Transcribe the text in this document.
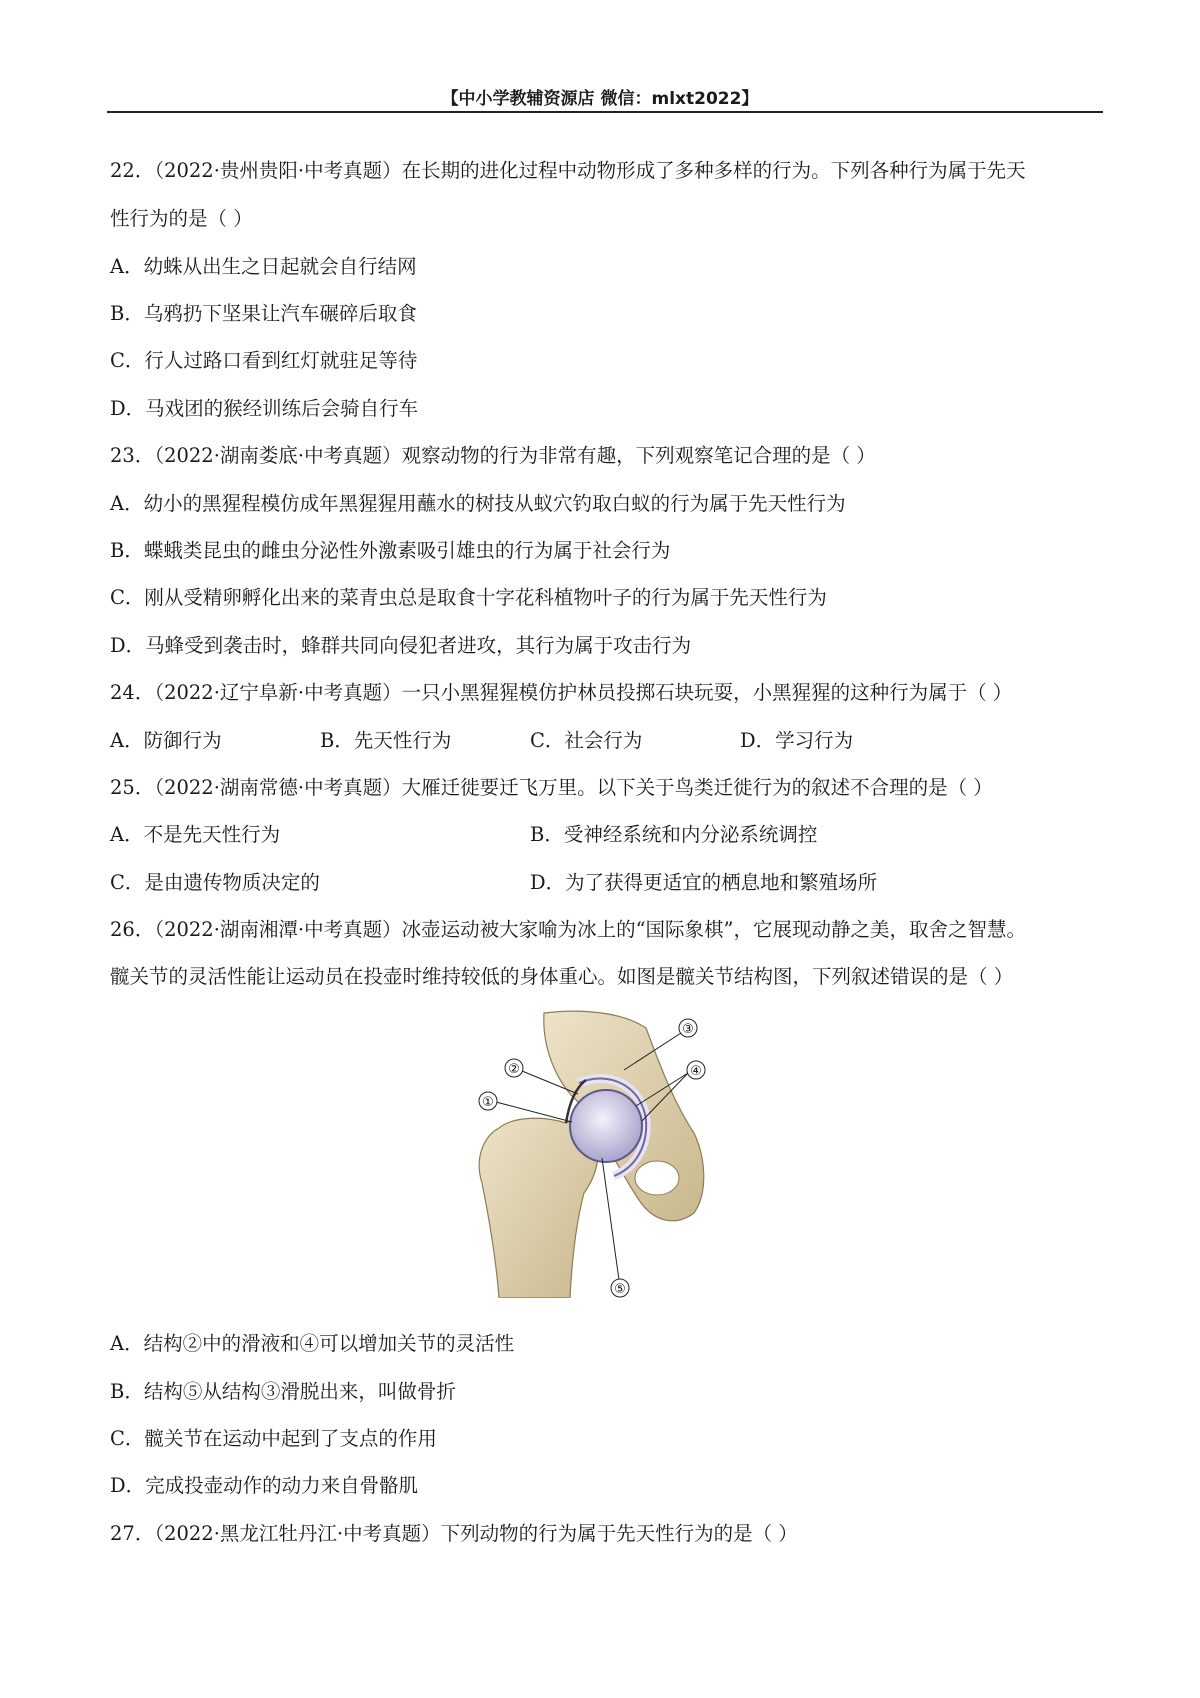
【中小学教辅资源店 微信：mlxt2022】
22．（2022·贵州贵阳·中考真题）在长期的进化过程中动物形成了多种多样的行为。下列各种行为属于先天
性行为的是（ ）
A．幼蛛从出生之日起就会自行结网
B．乌鸦扔下坚果让汽车碾碎后取食
C．行人过路口看到红灯就驻足等待
D．马戏团的猴经训练后会骑自行车
23．（2022·湖南娄底·中考真题）观察动物的行为非常有趣，下列观察笔记合理的是（ ）
A．幼小的黑猩程模仿成年黑猩猩用蘸水的树技从蚁穴钓取白蚁的行为属于先天性行为
B．蝶蛾类昆虫的雌虫分泌性外激素吸引雄虫的行为属于社会行为
C．刚从受精卵孵化出来的菜青虫总是取食十字花科植物叶子的行为属于先天性行为
D．马蜂受到袭击时，蜂群共同向侵犯者进攻，其行为属于攻击行为
24．（2022·辽宁阜新·中考真题）一只小黑猩猩模仿护林员投掷石块玩耍，小黑猩猩的这种行为属于（ ）
A．防御行为	B．先天性行为	C．社会行为	D．学习行为
25．（2022·湖南常德·中考真题）大雁迁徙要迁飞万里。以下关于鸟类迁徙行为的叙述不合理的是（ ）
A．不是先天性行为	B．受神经系统和内分泌系统调控
C．是由遗传物质决定的	D．为了获得更适宜的栖息地和繁殖场所
26．（2022·湖南湘潭·中考真题）冰壶运动被大家喻为冰上的“国际象棋”，它展现动静之美，取舍之智慧。
髋关节的灵活性能让运动员在投壶时维持较低的身体重心。如图是髋关节结构图，下列叙述错误的是（ ）
①
②
③
④
⑤
A．结构②中的滑液和④可以增加关节的灵活性
B．结构⑤从结构③滑脱出来，叫做骨折
C．髋关节在运动中起到了支点的作用
D．完成投壶动作的动力来自骨骼肌
27．（2022·黑龙江牡丹江·中考真题）下列动物的行为属于先天性行为的是（ ）
